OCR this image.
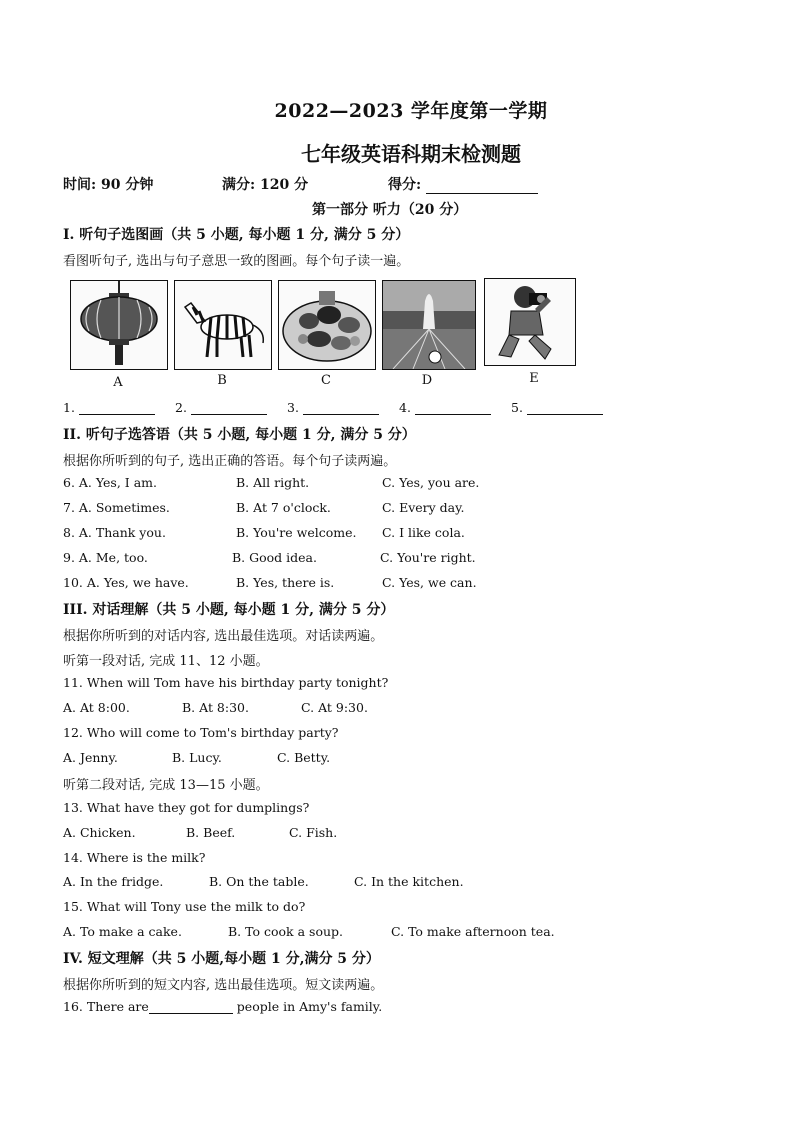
2022—2023 学年度第一学期
七年级英语科期末检测题
时间: 90 分钟	满分: 120 分	得分:
第一部分 听力（20 分）
I. 听句子选图画（共 5 小题, 每小题 1 分, 满分 5 分）
看图听句子, 选出与句子意思一致的图画。每个句子读一遍。
A	B	C	D	E
1.	2.	3.	4.	5.
II. 听句子选答语（共 5 小题, 每小题 1 分, 满分 5 分）
根据你所听到的句子, 选出正确的答语。每个句子读两遍。
6. A. Yes, I am.	B. All right.	C. Yes, you are.
7. A. Sometimes.	B. At 7 o'clock.	C. Every day.
8. A. Thank you.	B. You're welcome. C. I like cola.
9. A. Me, too.	B. Good idea.	C. You're right.
10. A. Yes, we have.	B. Yes, there is.	C. Yes, we can.
III. 对话理解（共 5 小题, 每小题 1 分, 满分 5 分）
根据你所听到的对话内容, 选出最佳选项。对话读两遍。
听第一段对话, 完成 11、12 小题。
11. When will Tom have his birthday party tonight?
A. At 8:00.	B. At 8:30.	C. At 9:30.
12. Who will come to Tom's birthday party?
A. Jenny.	B. Lucy.	C. Betty.
听第二段对话, 完成 13—15 小题。
13. What have they got for dumplings?
A. Chicken.	B. Beef.	C. Fish.
14. Where is the milk?
A. In the fridge.	B. On the table.	C. In the kitchen.
15. What will Tony use the milk to do?
A. To make a cake.	B. To cook a soup.	C. To make afternoon tea.
IV. 短文理解（共 5 小题,每小题 1 分,满分 5 分）
根据你所听到的短文内容, 选出最佳选项。短文读两遍。
16. There are	people in Amy's family.
